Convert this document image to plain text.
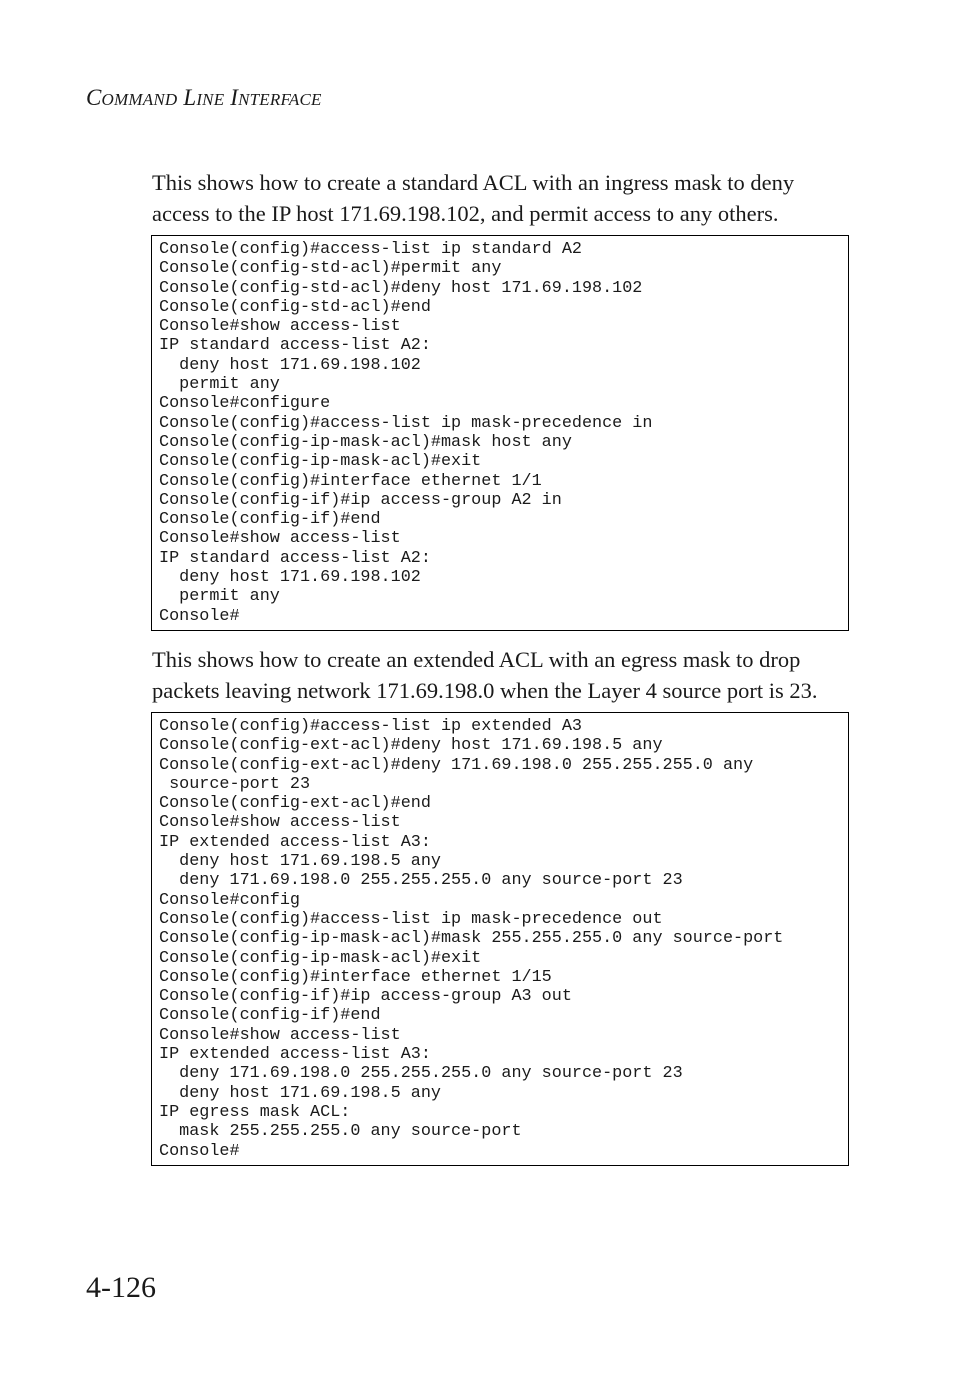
COMMAND LINE INTERFACE

This shows how to create a standard ACL with an ingress mask to deny
access to the IP host 171.69.198.102, and permit access to any others.

Console(config)#access-list ip standard A2
Console(config-std-acl)#permit any
Console(config-std-acl)#deny host 171.69.198.102
Console(config-std-acl)#end
Console#show access-list
IP standard access-list A2:
deny host 171.69.198.102
permit any
Console#configure
Console(config)#access-list ip mask-precedence in
Console(config-ip-mask-acl)#mask host any
Console(config-ip-mask-acl)#exit
Console(config)#interface ethernet 1/1
Console(config-if)#ip access-group A2 in
Console(config-if)#end
Console#show access-list
IP standard access-list A2:
deny host 171.69.198.102
permit any
Console#

This shows how to create an extended ACL with an egress mask to drop
packets leaving network 171.69.198.0 when the Layer 4 source port is 23.

Console(config)#access-list ip extended A3
Console(config-ext-acl)#deny host 171.69.198.5 any
Console(config-ext-acl)#deny 171.69.198.0 255.255.255.0 any
source-port 23
Console(config-ext-acl)#end
Console#show access-list
IP extended access-list A3:
deny host 171.69.198.5 any
deny 171.69.198.0 255.255.255.0 any source-port 23
Console#config
Console(config)#access-list ip mask-precedence out
Console(config-ip-mask-acl)#mask 255.255.255.0 any source-port
Console(config-ip-mask-acl)#exit
Console(config)#interface ethernet 1/15
Console(config-if)#ip access-group A3 out
Console(config-if)#end
Console#show access-list
IP extended access-list A3:
deny 171.69.198.0 255.255.255.0 any source-port 23
deny host 171.69.198.5 any
IP egress mask ACL:
mask 255.255.255.0 any source-port
Console#
4-126
